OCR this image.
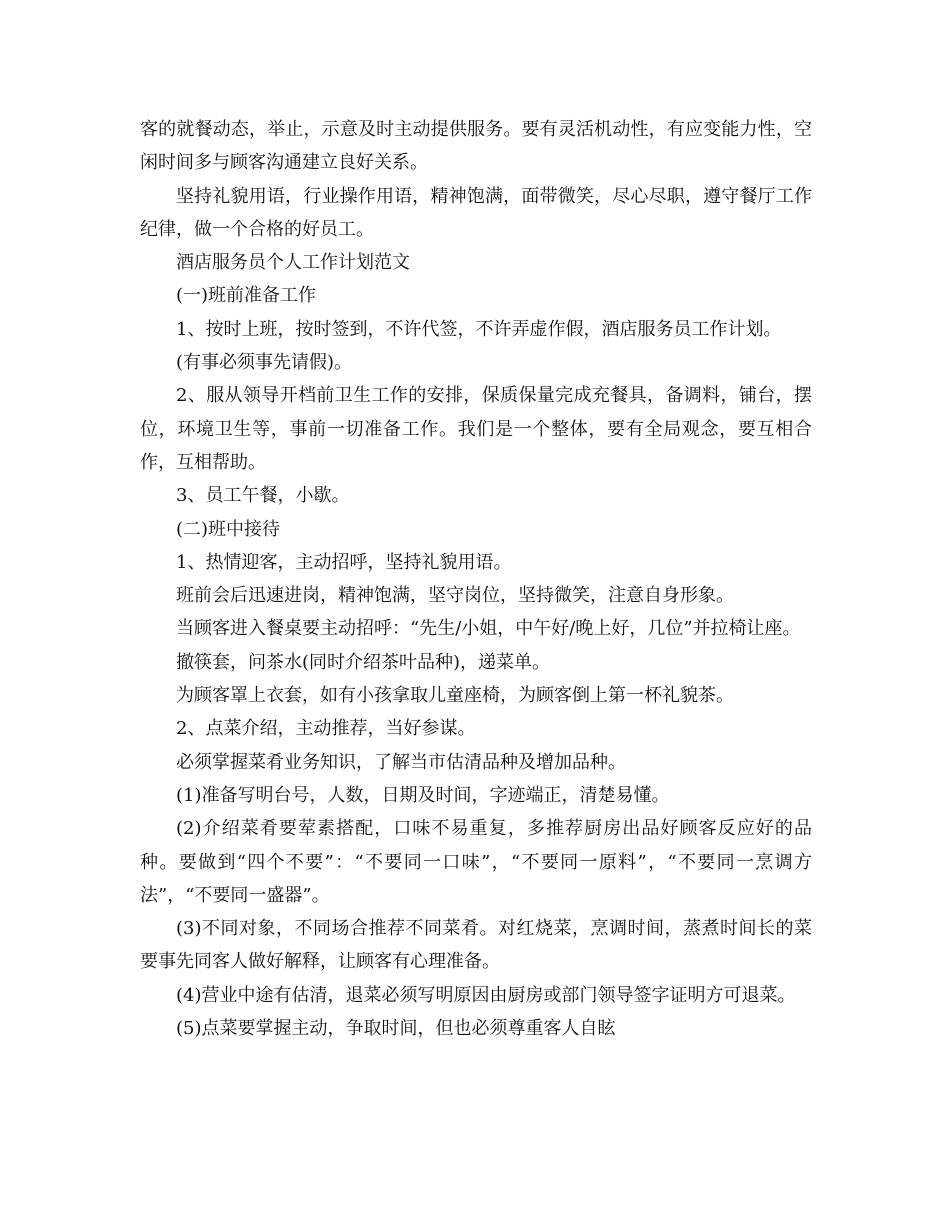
客的就餐动态，举止，示意及时主动提供服务。要有灵活机动性，有应变能力性，空闲时间多与顾客沟通建立良好关系。

坚持礼貌用语，行业操作用语，精神饱满，面带微笑，尽心尽职，遵守餐厅工作纪律，做一个合格的好员工。

酒店服务员个人工作计划范文

(一)班前准备工作

1、按时上班，按时签到，不许代签，不许弄虚作假，酒店服务员工作计划。

(有事必须事先请假)。

2、服从领导开档前卫生工作的安排，保质保量完成充餐具，备调料，铺台，摆位，环境卫生等，事前一切准备工作。我们是一个整体，要有全局观念，要互相合作，互相帮助。

3、员工午餐，小歇。

(二)班中接待

1、热情迎客，主动招呼，坚持礼貌用语。

班前会后迅速进岗，精神饱满，坚守岗位，坚持微笑，注意自身形象。

当顾客进入餐桌要主动招呼：“先生/小姐，中午好/晚上好，几位”并拉椅让座。

撤筷套，问茶水(同时介绍茶叶品种)，递菜单。

为顾客罩上衣套，如有小孩拿取儿童座椅，为顾客倒上第一杯礼貌茶。

2、点菜介绍，主动推荐，当好参谋。

必须掌握菜肴业务知识，了解当市估清品种及增加品种。

(1)准备写明台号，人数，日期及时间，字迹端正，清楚易懂。

(2)介绍菜肴要荤素搭配，口味不易重复，多推荐厨房出品好顾客反应好的品种。要做到“四个不要”：“不要同一口味”，“不要同一原料”，“不要同一烹调方法”，“不要同一盛器”。

(3)不同对象，不同场合推荐不同菜肴。对红烧菜，烹调时间，蒸煮时间长的菜要事先同客人做好解释，让顾客有心理准备。

(4)营业中途有估清，退菜必须写明原因由厨房或部门领导签字证明方可退菜。

(5)点菜要掌握主动，争取时间，但也必须尊重客人自眩
